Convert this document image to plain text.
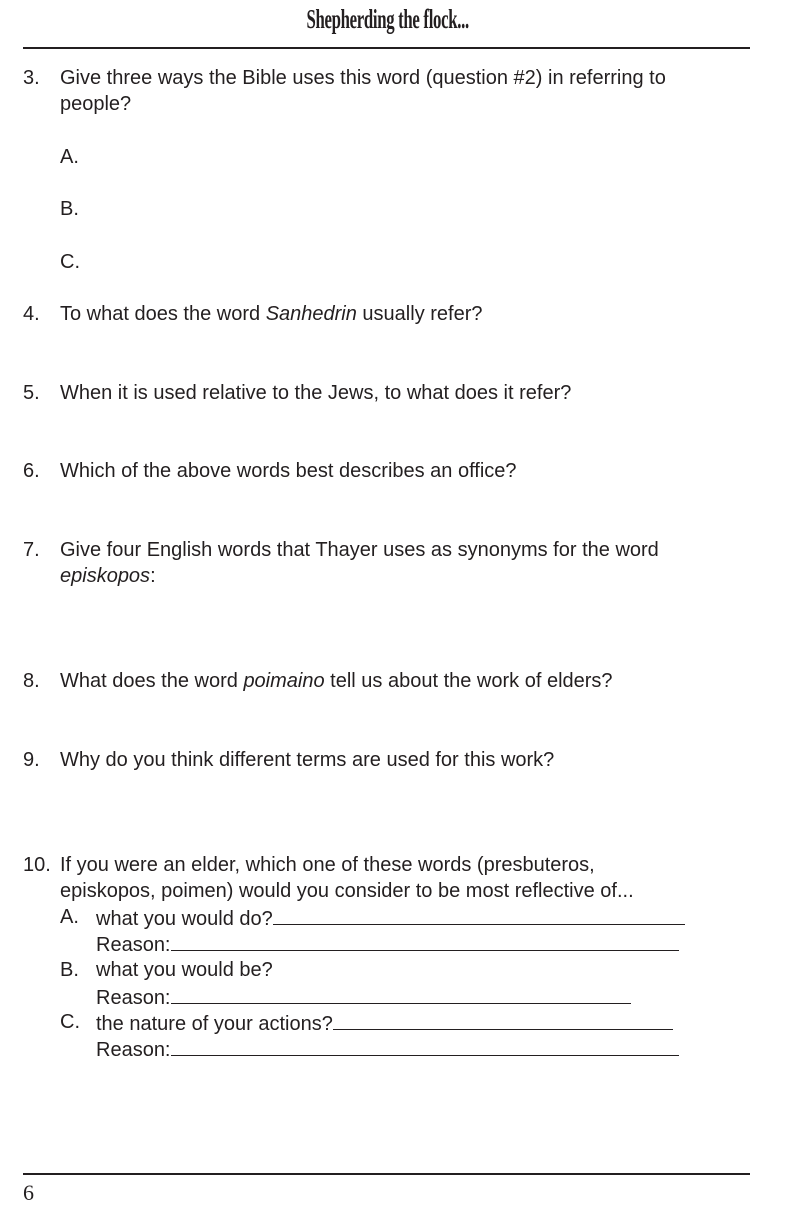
Shepherding the flock...
3. Give three ways the Bible uses this word (question #2) in referring to
people?
A.
B.
C.
4. To what does the word Sanhedrin usually refer?
5. When it is used relative to the Jews, to what does it refer?
6. Which of the above words best describes an office?
7. Give four English words that Thayer uses as synonyms for the word
episkopos:
8. What does the word poimaino tell us about the work of elders?
9. Why do you think different terms are used for this work?
10. If you were an elder, which one of these words (presbuteros,
episkopos, poimen) would you consider to be most reflective of...
A. what you would do?
Reason:
B. what you would be?
Reason:
C. the nature of your actions?
Reason:
6
